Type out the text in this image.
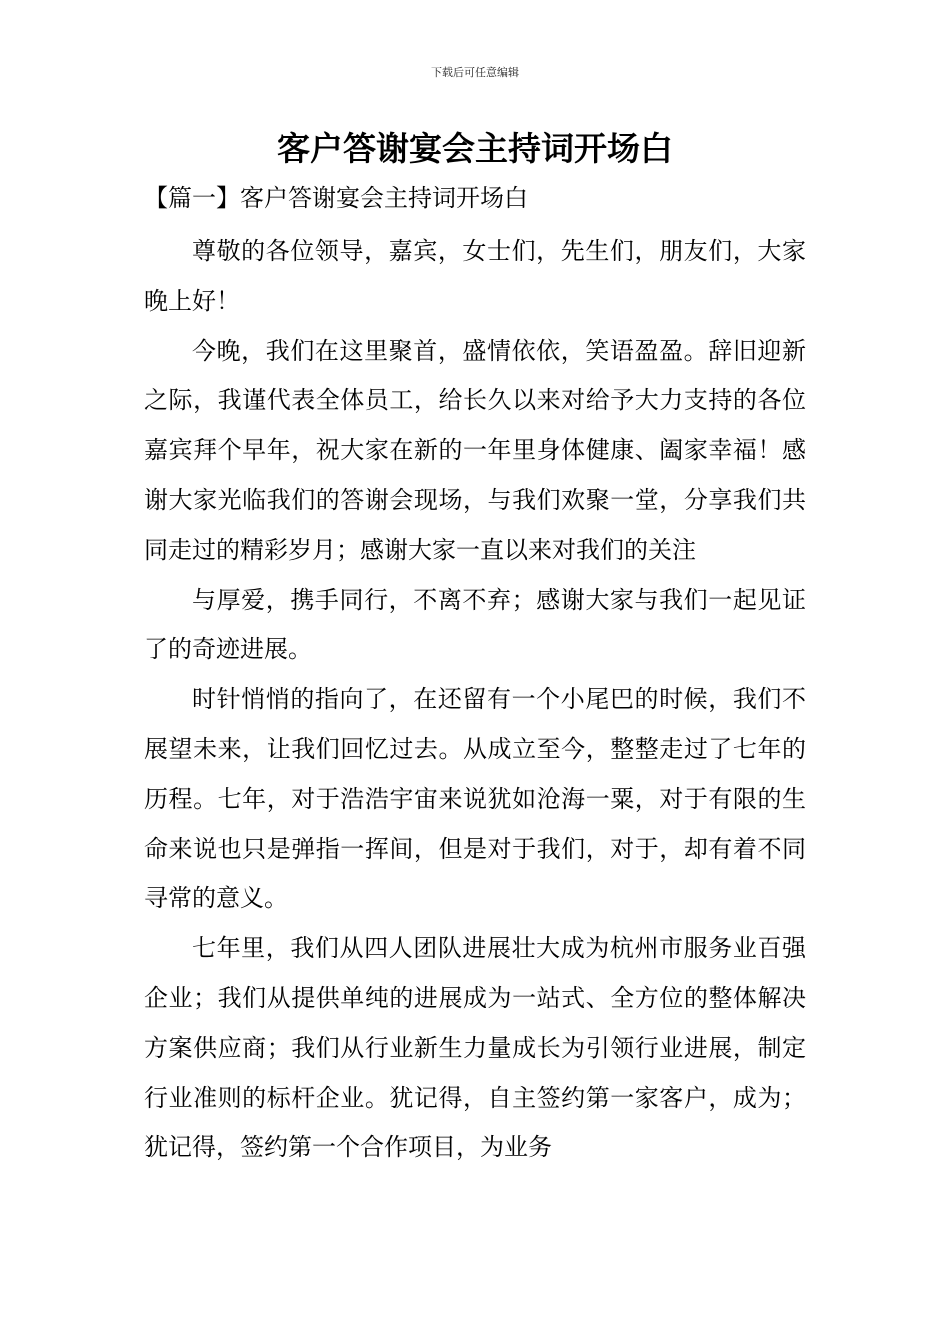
下载后可任意编辑
客户答谢宴会主持词开场白
【篇一】客户答谢宴会主持词开场白

尊敬的各位领导，嘉宾，女士们，先生们，朋友们，大家晚上好！

今晚，我们在这里聚首，盛情依依，笑语盈盈。辞旧迎新之际，我谨代表全体员工，给长久以来对给予大力支持的各位嘉宾拜个早年，祝大家在新的一年里身体健康、阖家幸福！感谢大家光临我们的答谢会现场，与我们欢聚一堂，分享我们共同走过的精彩岁月；感谢大家一直以来对我们的关注

与厚爱，携手同行，不离不弃；感谢大家与我们一起见证了的奇迹进展。

时针悄悄的指向了，在还留有一个小尾巴的时候，我们不展望未来，让我们回忆过去。从成立至今，整整走过了七年的历程。七年，对于浩浩宇宙来说犹如沧海一粟，对于有限的生命来说也只是弹指一挥间，但是对于我们，对于，却有着不同寻常的意义。

七年里，我们从四人团队进展壮大成为杭州市服务业百强企业；我们从提供单纯的进展成为一站式、全方位的整体解决方案供应商；我们从行业新生力量成长为引领行业进展，制定行业准则的标杆企业。犹记得，自主签约第一家客户，成为；犹记得，签约第一个合作项目，为业务
